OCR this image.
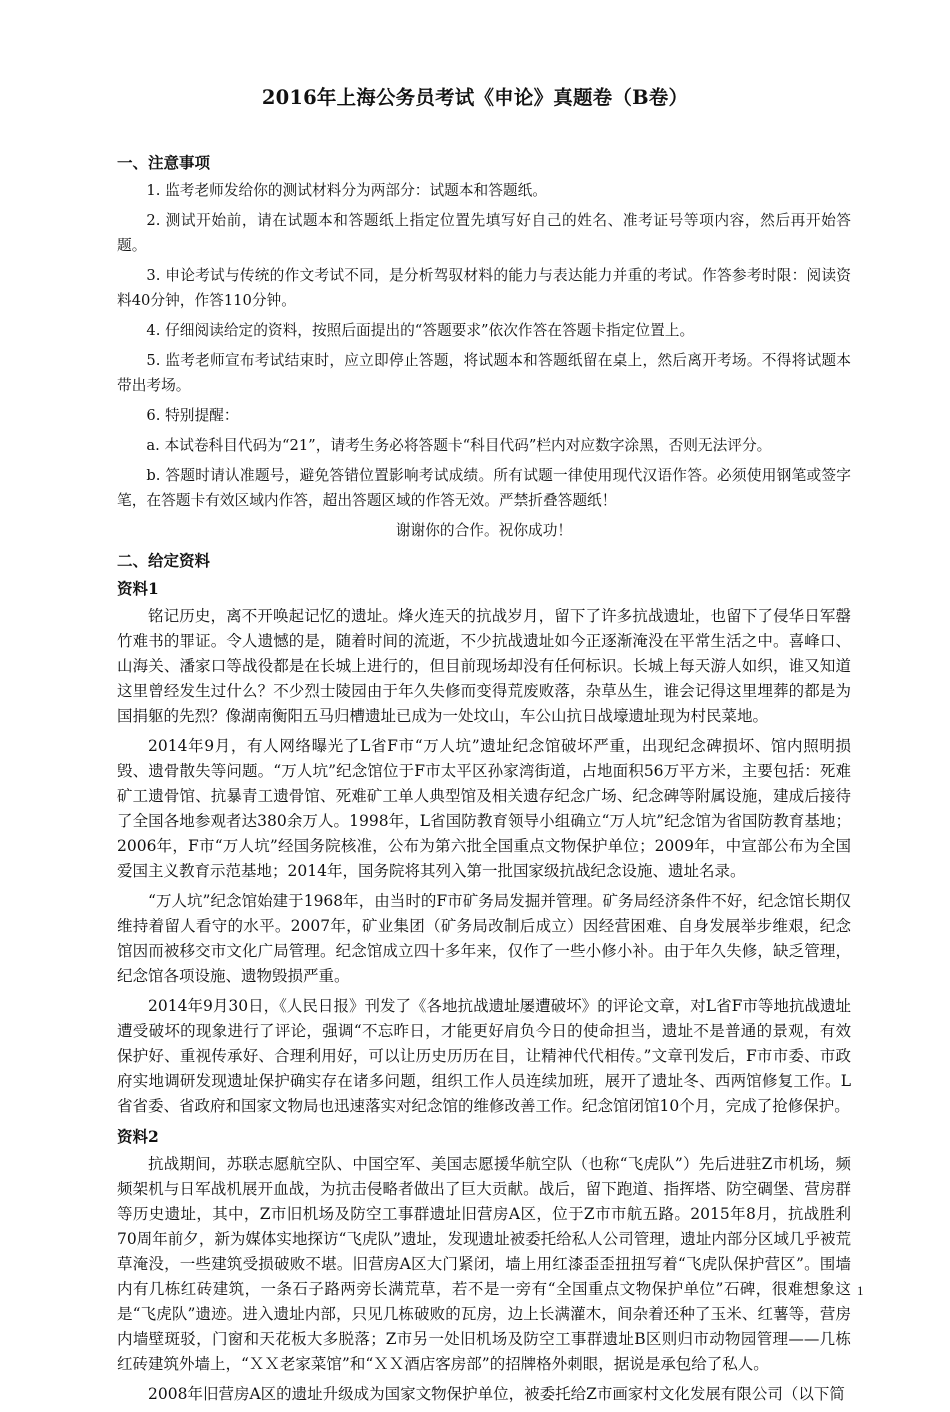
2016年上海公务员考试《申论》真题卷（B卷）
一、注意事项
1. 监考老师发给你的测试材料分为两部分：试题本和答题纸。
2. 测试开始前，请在试题本和答题纸上指定位置先填写好自己的姓名、准考证号等项内容，然后再开始答题。
3. 申论考试与传统的作文考试不同，是分析驾驭材料的能力与表达能力并重的考试。作答参考时限：阅读资料40分钟，作答110分钟。
4. 仔细阅读给定的资料，按照后面提出的“答题要求”依次作答在答题卡指定位置上。
5. 监考老师宣布考试结束时，应立即停止答题，将试题本和答题纸留在桌上，然后离开考场。不得将试题本带出考场。
6. 特别提醒：
a. 本试卷科目代码为“21”，请考生务必将答题卡“科目代码”栏内对应数字涂黑，否则无法评分。
b. 答题时请认准题号，避免答错位置影响考试成绩。所有试题一律使用现代汉语作答。必须使用钢笔或签字笔，在答题卡有效区域内作答，超出答题区域的作答无效。严禁折叠答题纸！
谢谢你的合作。祝你成功！
二、给定资料
资料1
铭记历史，离不开唤起记忆的遗址。烽火连天的抗战岁月，留下了许多抗战遗址，也留下了侵华日军罄竹难书的罪证。令人遗憾的是，随着时间的流逝，不少抗战遗址如今正逐渐淹没在平常生活之中。喜峰口、山海关、潘家口等战役都是在长城上进行的，但目前现场却没有任何标识。长城上每天游人如织，谁又知道这里曾经发生过什么？不少烈士陵园由于年久失修而变得荒废败落，杂草丛生，谁会记得这里埋葬的都是为国捐躯的先烈？像湖南衡阳五马归槽遗址已成为一处坟山，车公山抗日战壕遗址现为村民菜地。
2014年9月，有人网络曝光了L省F市“万人坑”遗址纪念馆破坏严重，出现纪念碑损坏、馆内照明损毁、遗骨散失等问题。“万人坑”纪念馆位于F市太平区孙家湾街道，占地面积56万平方米，主要包括：死难矿工遗骨馆、抗暴青工遗骨馆、死难矿工单人典型馆及相关遗存纪念广场、纪念碑等附属设施，建成后接待了全国各地参观者达380余万人。1998年，L省国防教育领导小组确立“万人坑”纪念馆为省国防教育基地；2006年，F市“万人坑”经国务院核准，公布为第六批全国重点文物保护单位；2009年，中宣部公布为全国爱国主义教育示范基地；2014年，国务院将其列入第一批国家级抗战纪念设施、遗址名录。
“万人坑”纪念馆始建于1968年，由当时的F市矿务局发掘并管理。矿务局经济条件不好，纪念馆长期仅维持着留人看守的水平。2007年，矿业集团（矿务局改制后成立）因经营困难、自身发展举步维艰，纪念馆因而被移交市文化广局管理。纪念馆成立四十多年来，仅作了一些小修小补。由于年久失修，缺乏管理，纪念馆各项设施、遗物毁损严重。
2014年9月30日，《人民日报》刊发了《各地抗战遗址屡遭破坏》的评论文章，对L省F市等地抗战遗址遭受破坏的现象进行了评论，强调“不忘昨日，才能更好肩负今日的使命担当，遗址不是普通的景观，有效保护好、重视传承好、合理利用好，可以让历史历历在目，让精神代代相传。”文章刊发后，F市市委、市政府实地调研发现遗址保护确实存在诸多问题，组织工作人员连续加班，展开了遗址冬、西两馆修复工作。L省省委、省政府和国家文物局也迅速落实对纪念馆的维修改善工作。纪念馆闭馆10个月，完成了抢修保护。
资料2
抗战期间，苏联志愿航空队、中国空军、美国志愿援华航空队（也称“飞虎队”）先后进驻Z市机场，频频架机与日军战机展开血战，为抗击侵略者做出了巨大贡献。战后，留下跑道、指挥塔、防空碉堡、营房群等历史遗址，其中，Z市旧机场及防空工事群遗址旧营房A区，位于Z市市航五路。2015年8月，抗战胜利70周年前夕，新为媒体实地探访“飞虎队”遗址，发现遗址被委托给私人公司管理，遗址内部分区域几乎被荒草淹没，一些建筑受损破败不堪。旧营房A区大门紧闭，墙上用红漆歪歪扭扭写着“飞虎队保护营区”。围墙内有几栋红砖建筑，一条石子路两旁长满荒草，若不是一旁有“全国重点文物保护单位”石碑，很难想象这是“飞虎队”遗迹。进入遗址内部，只见几栋破败的瓦房，边上长满灌木，间杂着还种了玉米、红薯等，营房内墙壁斑驳，门窗和天花板大多脱落；Z市另一处旧机场及防空工事群遗址B区则归市动物园管理——几栋红砖建筑外墙上，“ＸＸ老家菜馆”和“ＸＸ酒店客房部”的招牌格外刺眼，据说是承包给了私人。
2008年旧营房A区的遗址升级成为国家文物保护单位，被委托给Z市画家村文化发展有限公司（以下简
1
